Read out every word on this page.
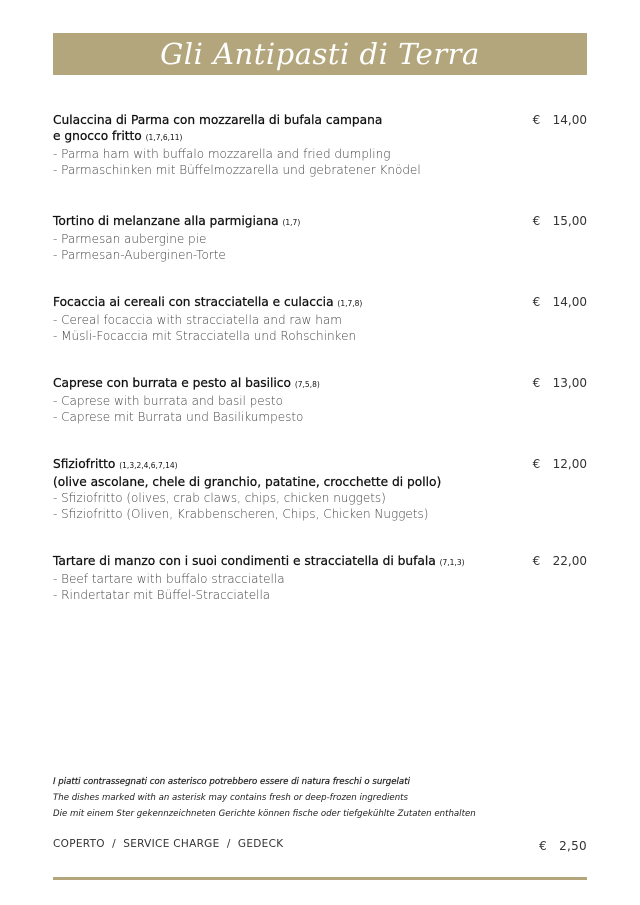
Gli Antipasti di Terra
Culaccina di Parma con mozzarella di bufala campana
e gnocco fritto (1,7,6,11)
- Parma ham with buffalo mozzarella and fried dumpling
- Parmaschinken mit Büffelmozzarella und gebratener Knödel
€ 14,00
Tortino di melanzane alla parmigiana (1,7)
- Parmesan aubergine pie
- Parmesan-Auberginen-Torte
€ 15,00
Focaccia ai cereali con stracciatella e culaccia (1,7,8)
- Cereal focaccia with stracciatella and raw ham
- Müsli-Focaccia mit Stracciatella und Rohschinken
€ 14,00
Caprese con burrata e pesto al basilico (7,5,8)
- Caprese with burrata and basil pesto
- Caprese mit Burrata und Basilikumpesto
€ 13,00
Sfiziofritto (1,3,2,4,6,7,14)
(olive ascolane, chele di granchio, patatine, crocchette di pollo)
- Sfiziofritto (olives, crab claws, chips, chicken nuggets)
- Sfiziofritto (Oliven, Krabbenscheren, Chips, Chicken Nuggets)
€ 12,00
Tartare di manzo con i suoi condimenti e stracciatella di bufala (7,1,3)
- Beef tartare with buffalo stracciatella
- Rindertatar mit Büffel-Stracciatella
€ 22,00
I piatti contrassegnati con asterisco potrebbero essere di natura freschi o surgelati
The dishes marked with an asterisk may contains fresh or deep-frozen ingredients
Die mit einem Ster gekennzeichneten Gerichte können fische oder tiefgekühlte Zutaten enthalten
COPERTO  /  SERVICE CHARGE  /  GEDECK	€ 2,50
